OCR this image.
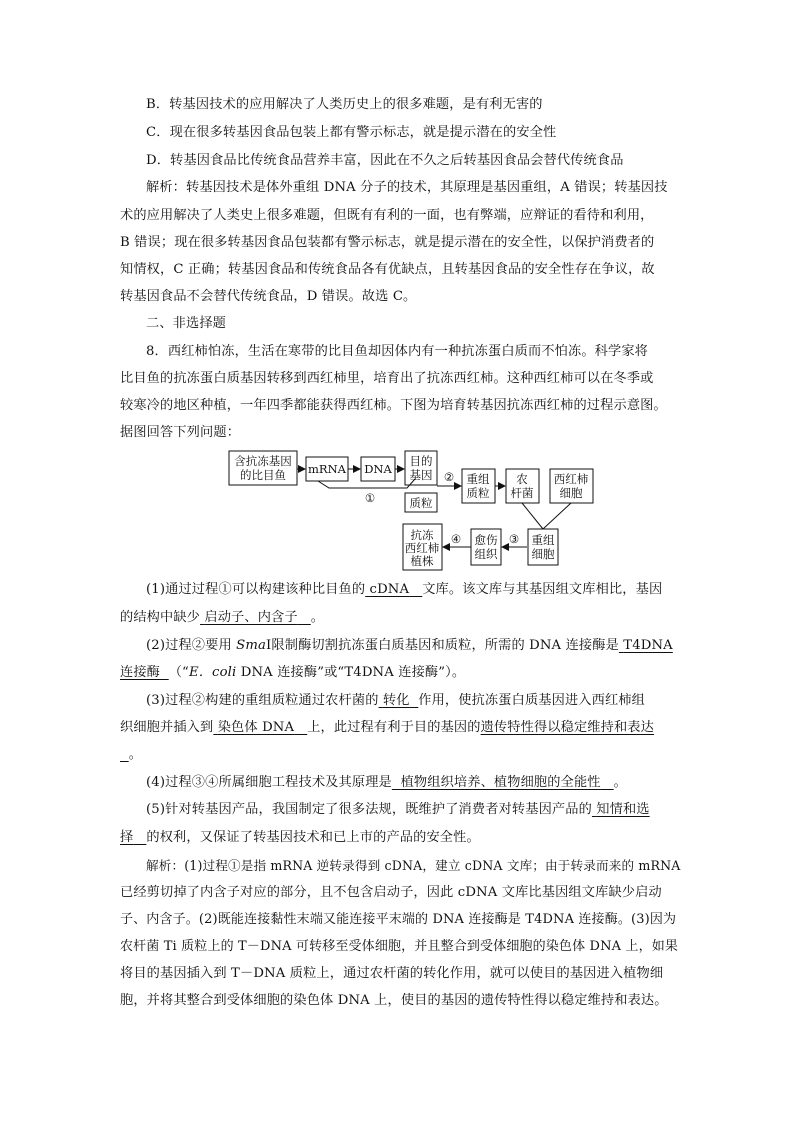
B．转基因技术的应用解决了人类历史上的很多难题，是有利无害的
C．现在很多转基因食品包装上都有警示标志，就是提示潜在的安全性
D．转基因食品比传统食品营养丰富，因此在不久之后转基因食品会替代传统食品
解析：转基因技术是体外重组 DNA 分子的技术，其原理是基因重组，A 错误；转基因技
术的应用解决了人类史上很多难题，但既有有利的一面，也有弊端，应辩证的看待和利用，
B 错误；现在很多转基因食品包装都有警示标志，就是提示潜在的安全性，以保护消费者的
知情权，C 正确；转基因食品和传统食品各有优缺点，且转基因食品的安全性存在争议，故
转基因食品不会替代传统食品，D 错误。故选 C。
二、非选择题
8．西红柿怕冻，生活在寒带的比目鱼却因体内有一种抗冻蛋白质而不怕冻。科学家将
比目鱼的抗冻蛋白质基因转移到西红柿里，培育出了抗冻西红柿。这种西红柿可以在冬季或
较寒冷的地区种植，一年四季都能获得西红柿。下图为培育转基因抗冻西红柿的过程示意图。
据图回答下列问题：
含抗冻基因
的比目鱼 mRNA DNA
目的
基因
质粒
①
② 重组
质粒
农
杆菌
西红柿
细胞
重组
细胞
③
愈伤
组织
④
抗冻
西红柿
植株
(1)通过过程①可以构建该种比目鱼的 cDNA 文库。该文库与其基因组文库相比，基因
的结构中缺少 启动子、内含子 。
(2)过程②要用 SmaⅠ限制酶切割抗冻蛋白质基因和质粒，所需的 DNA 连接酶是 T4DNA
连接酶 （“E．coli DNA 连接酶”或“T4DNA 连接酶”）。
(3)过程②构建的重组质粒通过农杆菌的 转化 作用，使抗冻蛋白质基因进入西红柿组
织细胞并插入到 染色体 DNA 上，此过程有利于目的基因的遗传特性得以稳定维持和表达
。
(4)过程③④所属细胞工程技术及其原理是 植物组织培养、植物细胞的全能性 。
(5)针对转基因产品，我国制定了很多法规，既维护了消费者对转基因产品的 知情和选
择 的权利，又保证了转基因技术和已上市的产品的安全性。
解析：(1)过程①是指 mRNA 逆转录得到 cDNA，建立 cDNA 文库；由于转录而来的 mRNA
已经剪切掉了内含子对应的部分，且不包含启动子，因此 cDNA 文库比基因组文库缺少启动
子、内含子。(2)既能连接黏性末端又能连接平末端的 DNA 连接酶是 T4DNA 连接酶。(3)因为
农杆菌 Ti 质粒上的 T－DNA 可转移至受体细胞，并且整合到受体细胞的染色体 DNA 上，如果
将目的基因插入到 T－DNA 质粒上，通过农杆菌的转化作用，就可以使目的基因进入植物细
胞，并将其整合到受体细胞的染色体 DNA 上，使目的基因的遗传特性得以稳定维持和表达。
